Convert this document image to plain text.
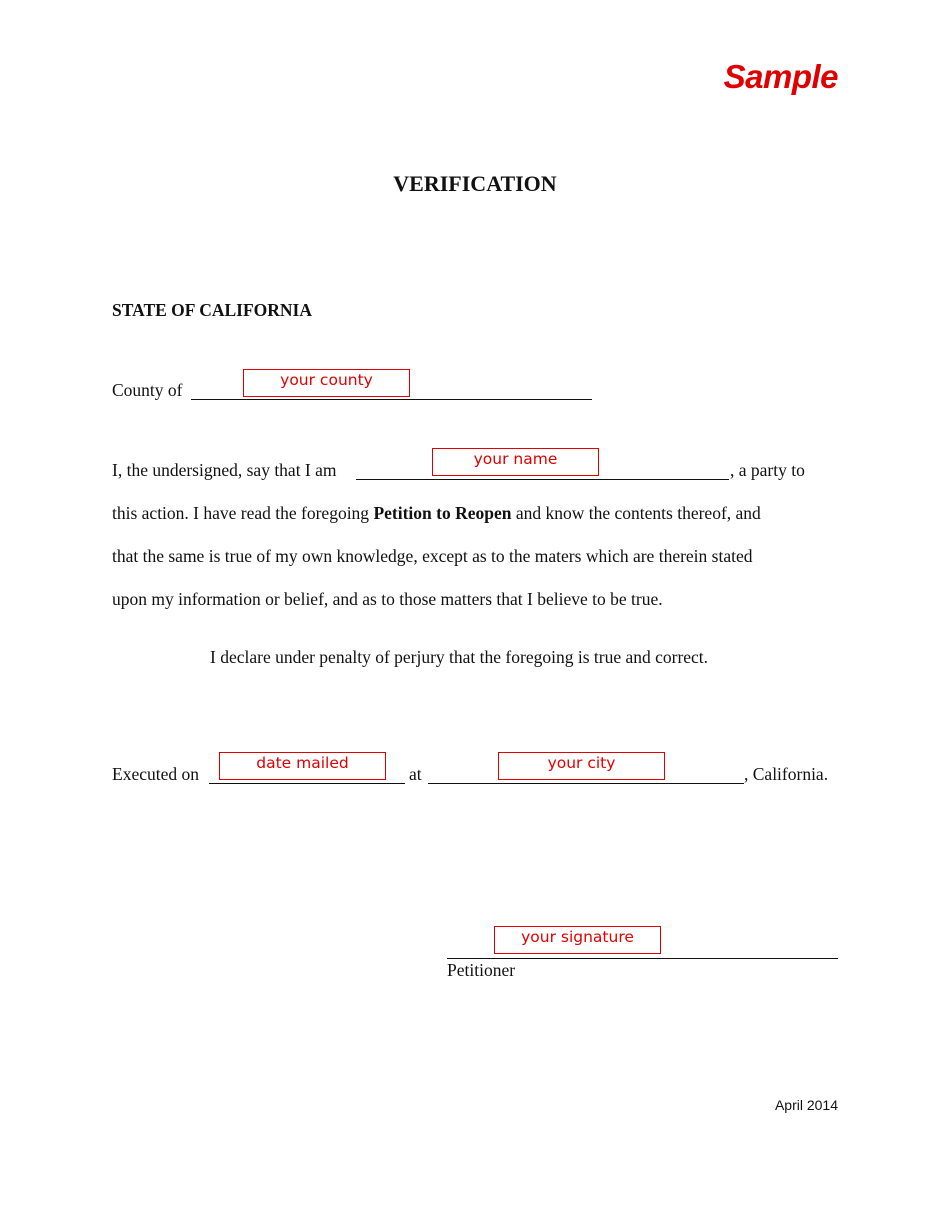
Sample
VERIFICATION
STATE OF CALIFORNIA
County of	your county
I, the undersigned, say that I am
your name
, a party to
this action. I have read the foregoing Petition to Reopen and know the contents thereof, and
that the same is true of my own knowledge, except as to the maters which are therein stated
upon my information or belief, and as to those matters that I believe to be true.
I declare under penalty of perjury that the foregoing is true and correct.
Executed on
date mailed
at
your city
, California.
your signature
Petitioner
April 2014
